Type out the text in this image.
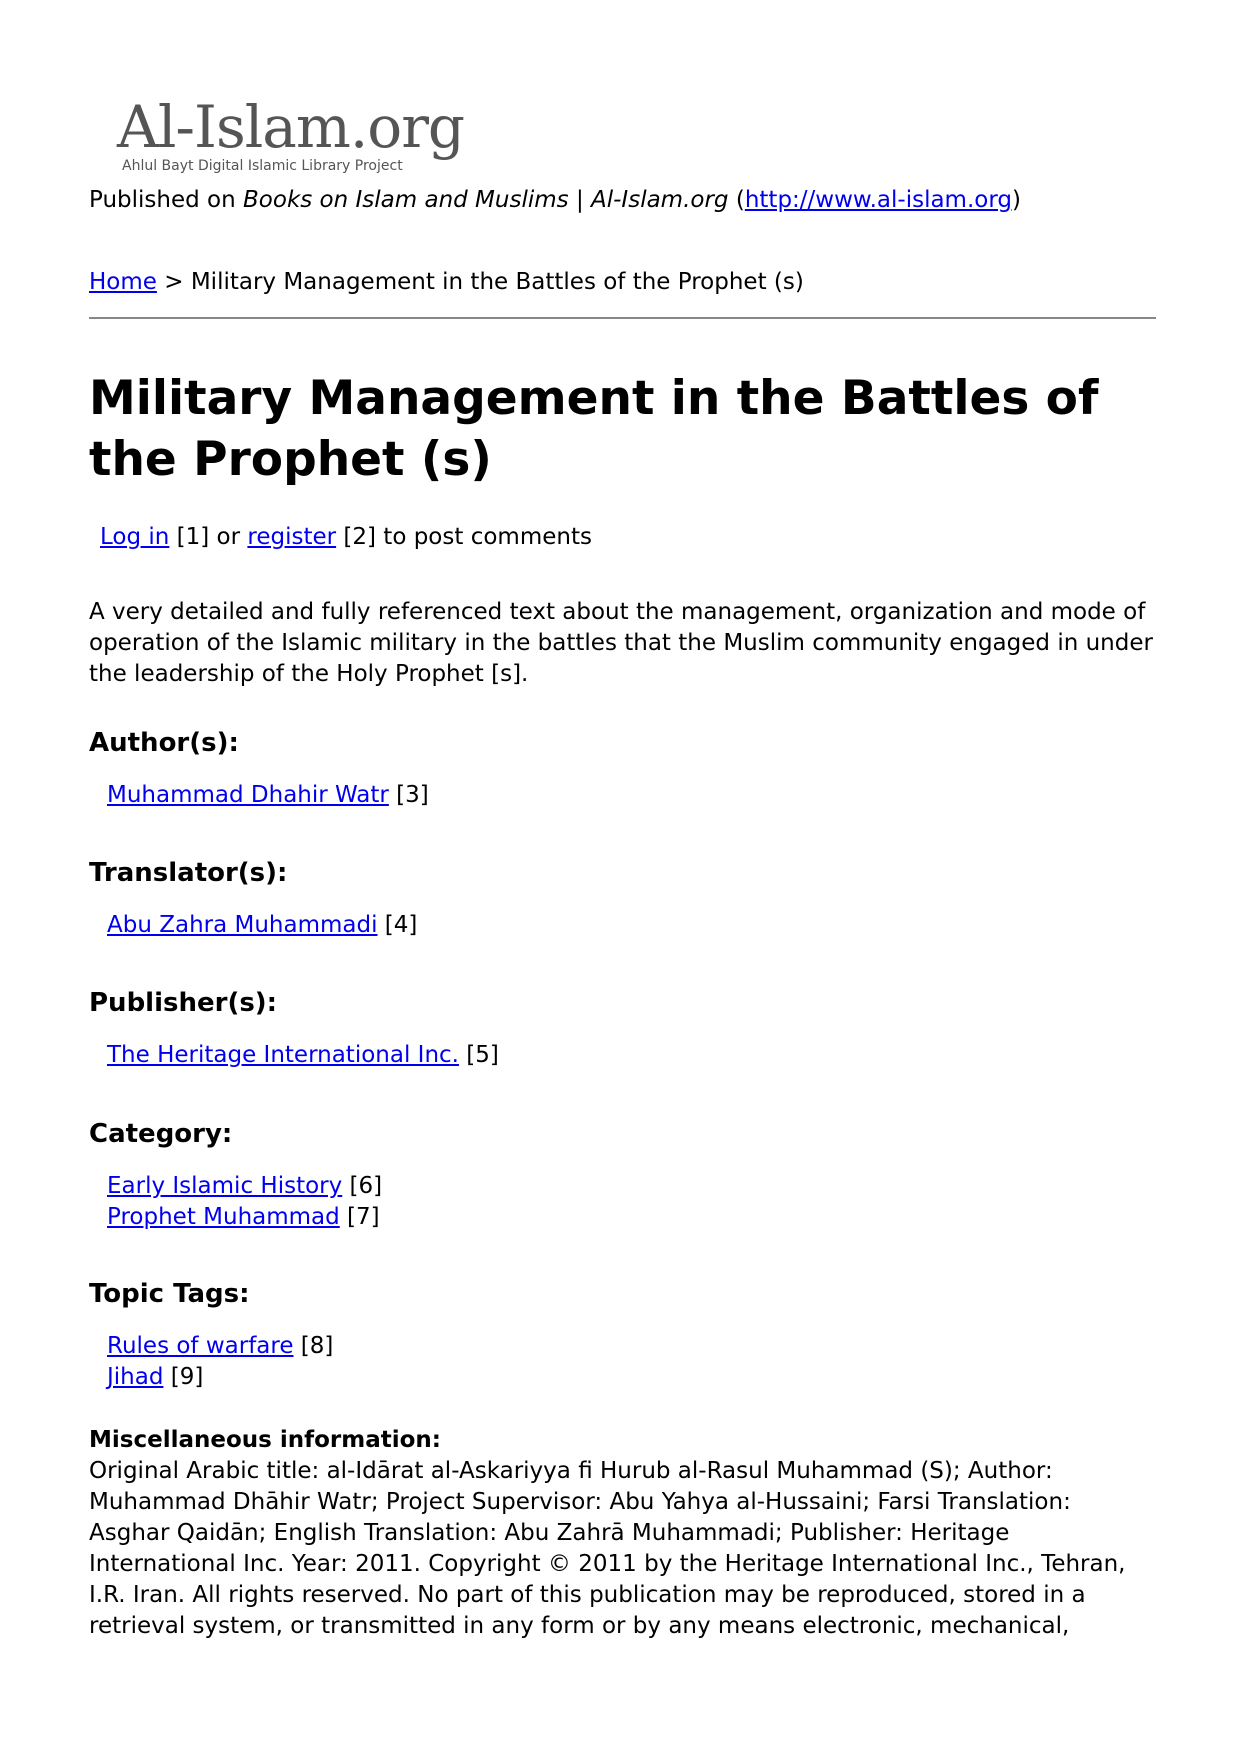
Al-Islam.org
Ahlul Bayt Digital Islamic Library Project
Published on Books on Islam and Muslims | Al-Islam.org (http://www.al-islam.org)
Home > Military Management in the Battles of the Prophet (s)
Military Management in the Battles of the Prophet (s)
Log in [1] or register [2] to post comments

A very detailed and fully referenced text about the management, organization and mode of operation of the Islamic military in the battles that the Muslim community engaged in under the leadership of the Holy Prophet [s].

Author(s):
Muhammad Dhahir Watr [3]
Translator(s):
Abu Zahra Muhammadi [4]
Publisher(s):
The Heritage International Inc. [5]
Category:
Early Islamic History [6]
Prophet Muhammad [7]
Topic Tags:
Rules of warfare [8]
Jihad [9]
Miscellaneous information:
Original Arabic title: al-Idārat al-Askariyya fi Hurub al-Rasul Muhammad (S); Author: Muhammad Dhāhir Watr; Project Supervisor: Abu Yahya al-Hussaini; Farsi Translation: Asghar Qaidān; English Translation: Abu Zahrā Muhammadi; Publisher: Heritage International Inc. Year: 2011. Copyright © 2011 by the Heritage International Inc., Tehran, I.R. Iran. All rights reserved. No part of this publication may be reproduced, stored in a retrieval system, or transmitted in any form or by any means electronic, mechanical,
